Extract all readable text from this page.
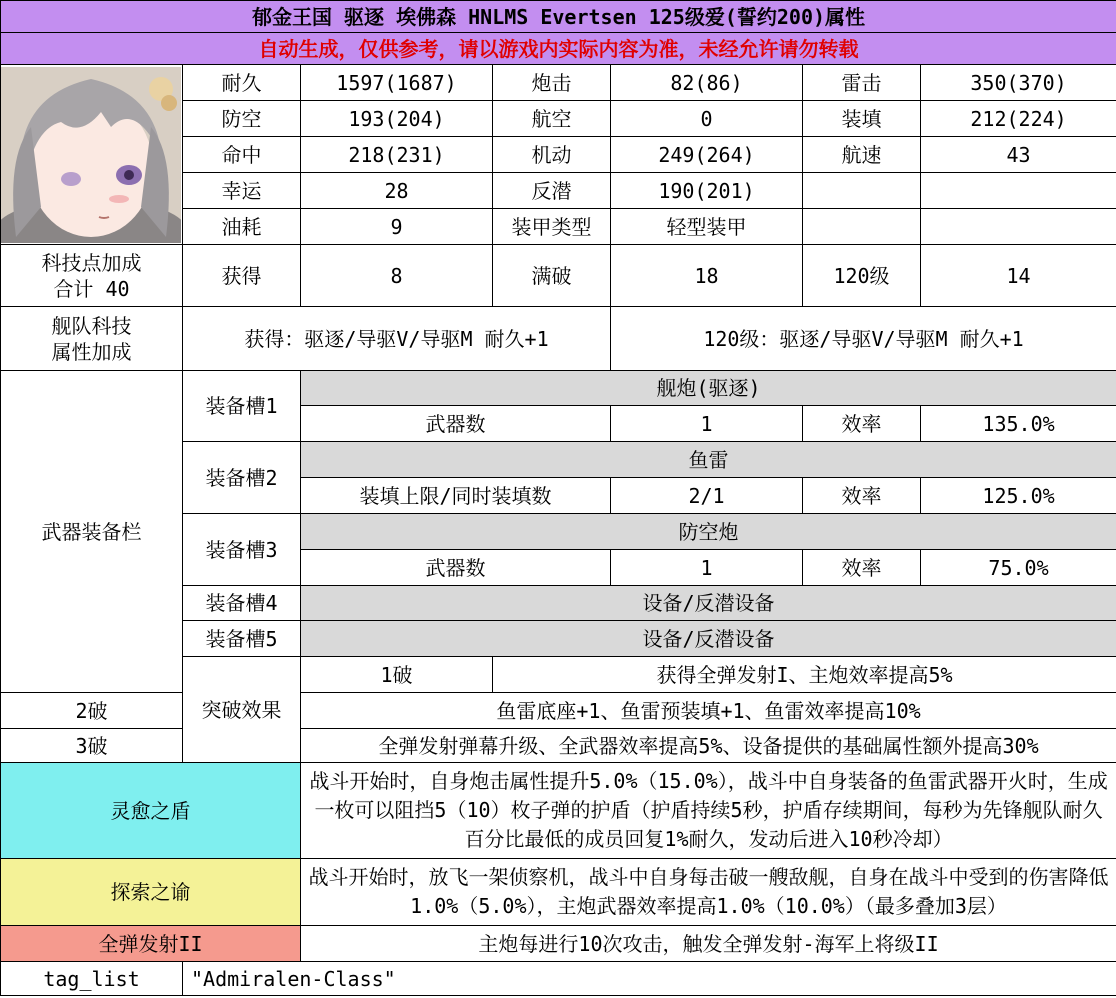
郁金王国 驱逐 埃佛森 HNLMS Evertsen 125级爱(誓约200)属性						
自动生成，仅供参考，请以游戏内实际内容为准，未经允许请勿转载						

	耐久	1597(1687)	炮击	82(86)	雷击	350(370)
	防空	193(204)	航空	0	装填	212(224)
	命中	218(231)	机动	249(264)	航速	43
	幸运	28	反潜	190(201)		
	油耗	9	装甲类型	轻型装甲		

科技点加成
合计 40	获得	8	满破	18	120级	14

舰队科技
属性加成	获得：驱逐/导驱V/导驱M 耐久+1			120级：驱逐/导驱V/导驱M 耐久+1		
武器装备栏	装备槽1	舰炮(驱逐)				
		武器数		1	效率	135.0%
	装备槽2	鱼雷				
		装填上限/同时装填数		2/1	效率	125.0%
	装备槽3	防空炮				
		武器数		1	效率	75.0%
	装备槽4	设备/反潜设备				
	装备槽5	设备/反潜设备				
	突破效果	1破	获得全弹发射I、主炮效率提高5%			
2破		鱼雷底座+1、鱼雷预装填+1、鱼雷效率提高10%				
3破		全弹发射弹幕升级、全武器效率提高5%、设备提供的基础属性额外提高30%				
灵愈之盾		战斗开始时，自身炮击属性提升5.0%（15.0%），战斗中自身装备的鱼雷武器开火时，生成一枚可以阻挡5（10）枚子弹的护盾（护盾持续5秒，护盾存续期间，每秒为先锋舰队耐久百分比最低的成员回复1%耐久，发动后进入10秒冷却）				
探索之谕		战斗开始时，放飞一架侦察机，战斗中自身每击破一艘敌舰，自身在战斗中受到的伤害降低1.0%（5.0%），主炮武器效率提高1.0%（10.0%）（最多叠加3层）				
全弹发射II		主炮每进行10次攻击，触发全弹发射-海军上将级II				
tag_list	"Admiralen-Class"					
